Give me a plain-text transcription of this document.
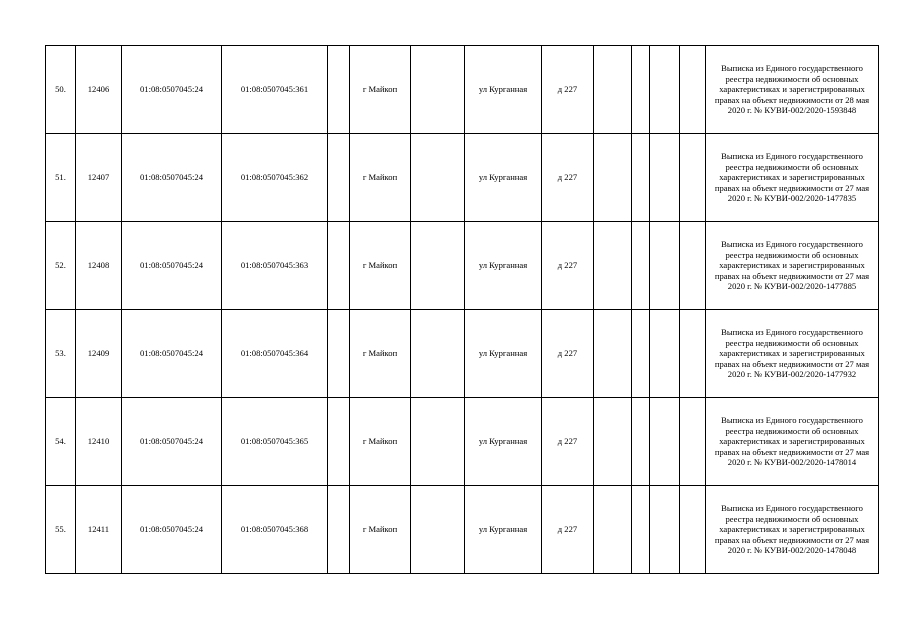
50.	12406	01:08:0507045:24	01:08:0507045:361		г Майкоп		ул Курганная	д 227					Выписка из Единого государственного реестра недвижимости об основных характеристиках и зарегистрированных правах на объект недвижимости от 28 мая 2020 г. № КУВИ-002/2020-1593848

51.	12407	01:08:0507045:24	01:08:0507045:362		г Майкоп		ул Курганная	д 227					Выписка из Единого государственного реестра недвижимости об основных характеристиках и зарегистрированных правах на объект недвижимости от 27 мая 2020 г. № КУВИ-002/2020-1477835

52.	12408	01:08:0507045:24	01:08:0507045:363		г Майкоп		ул Курганная	д 227					Выписка из Единого государственного реестра недвижимости об основных характеристиках и зарегистрированных правах на объект недвижимости от 27 мая 2020 г. № КУВИ-002/2020-1477885

53.	12409	01:08:0507045:24	01:08:0507045:364		г Майкоп		ул Курганная	д 227					Выписка из Единого государственного реестра недвижимости об основных характеристиках и зарегистрированных правах на объект недвижимости от 27 мая 2020 г. № КУВИ-002/2020-1477932

54.	12410	01:08:0507045:24	01:08:0507045:365		г Майкоп		ул Курганная	д 227					Выписка из Единого государственного реестра недвижимости об основных характеристиках и зарегистрированных правах на объект недвижимости от 27 мая 2020 г. № КУВИ-002/2020-1478014

55.	12411	01:08:0507045:24	01:08:0507045:368		г Майкоп		ул Курганная	д 227					Выписка из Единого государственного реестра недвижимости об основных характеристиках и зарегистрированных правах на объект недвижимости от 27 мая 2020 г. № КУВИ-002/2020-1478048
